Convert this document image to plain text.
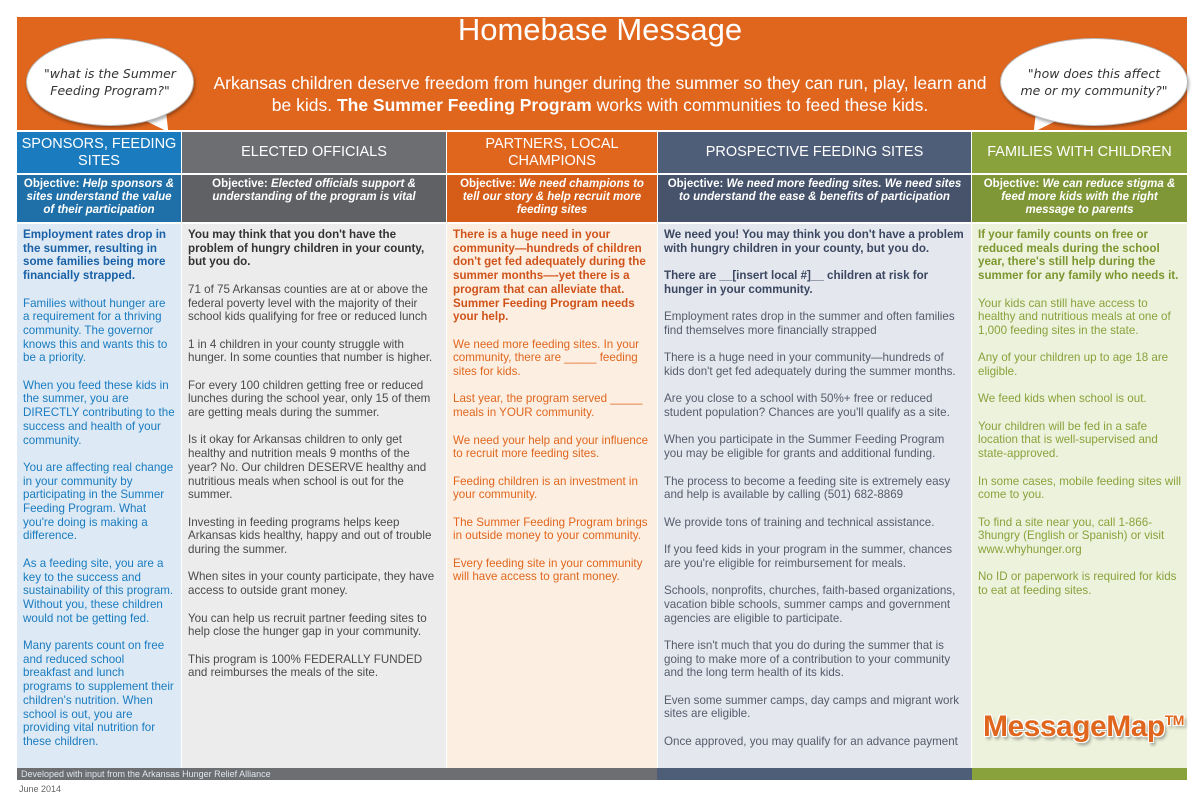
Homebase Message
Arkansas children deserve freedom from hunger during the summer so they can run, play, learn and be kids. The Summer Feeding Program works with communities to feed these kids.
"what is the Summer Feeding Program?"
"how does this affect me or my community?"
SPONSORS, FEEDING SITES
Objective: Help sponsors & sites understand the value of their participation

Employment rates drop in the summer, resulting in some families being more financially strapped.

Families without hunger are a requirement for a thriving community. The governor knows this and wants this to be a priority.

When you feed these kids in the summer, you are DIRECTLY contributing to the success and health of your community.

You are affecting real change in your community by participating in the Summer Feeding Program. What you're doing is making a difference.

As a feeding site, you are a key to the success and sustainability of this program. Without you, these children would not be getting fed.

Many parents count on free and reduced school breakfast and lunch programs to supplement their children's nutrition. When school is out, you are providing vital nutrition for these children.

ELECTED OFFICIALS
Objective: Elected officials support & understanding of the program is vital

You may think that you don't have the problem of hungry children in your county, but you do.

71 of 75 Arkansas counties are at or above the federal poverty level with the majority of their school kids qualifying for free or reduced lunch

1 in 4 children in your county struggle with hunger. In some counties that number is higher.

For every 100 children getting free or reduced lunches during the school year, only 15 of them are getting meals during the summer.

Is it okay for Arkansas children to only get healthy and nutrition meals 9 months of the year? No. Our children DESERVE healthy and nutritious meals when school is out for the summer.

Investing in feeding programs helps keep Arkansas kids healthy, happy and out of trouble during the summer.

When sites in your county participate, they have access to outside grant money.

You can help us recruit partner feeding sites to help close the hunger gap in your community.

This program is 100% FEDERALLY FUNDED and reimburses the meals of the site.

PARTNERS, LOCAL CHAMPIONS
Objective: We need champions to tell our story & help recruit more feeding sites

There is a huge need in your community—hundreds of children don't get fed adequately during the summer months—-yet there is a program that can alleviate that. Summer Feeding Program needs your help.

We need more feeding sites. In your community, there are _____ feeding sites for kids.

Last year, the program served _____ meals in YOUR community.

We need your help and your influence to recruit more feeding sites.

Feeding children is an investment in your community.

The Summer Feeding Program brings in outside money to your community.

Every feeding site in your community will have access to grant money.

PROSPECTIVE FEEDING SITES
Objective: We need more feeding sites. We need sites to understand the ease & benefits of participation

We need you! You may think you don't have a problem with hungry children in your county, but you do.

There are __[insert local #]__ children at risk for hunger in your community.

Employment rates drop in the summer and often families find themselves more financially strapped

There is a huge need in your community—hundreds of kids don't get fed adequately during the summer months.

Are you close to a school with 50%+ free or reduced student population? Chances are you'll qualify as a site.

When you participate in the Summer Feeding Program you may be eligible for grants and additional funding.

The process to become a feeding site is extremely easy and help is available by calling (501) 682-8869

We provide tons of training and technical assistance.

If you feed kids in your program in the summer, chances are you're eligible for reimbursement for meals.

Schools, nonprofits, churches, faith-based organizations, vacation bible schools, summer camps and government agencies are eligible to participate.

There isn't much that you do during the summer that is going to make more of a contribution to your community and the long term health of its kids.

Even some summer camps, day camps and migrant work sites are eligible.

Once approved, you may qualify for an advance payment

FAMILIES WITH CHILDREN
Objective: We can reduce stigma & feed more kids with the right message to parents

If your family counts on free or reduced meals during the school year, there's still help during the summer for any family who needs it.

Your kids can still have access to healthy and nutritious meals at one of 1,000 feeding sites in the state.

Any of your children up to age 18 are eligible.

We feed kids when school is out.

Your children will be fed in a safe location that is well-supervised and state-approved.

In some cases, mobile feeding sites will come to you.

To find a site near you, call 1-866-3hungry (English or Spanish) or visit www.whyhunger.org

No ID or paperwork is required for kids to eat at feeding sites.

Developed with input from the Arkansas Hunger Relief Alliance
June 2014
MessageMap™
